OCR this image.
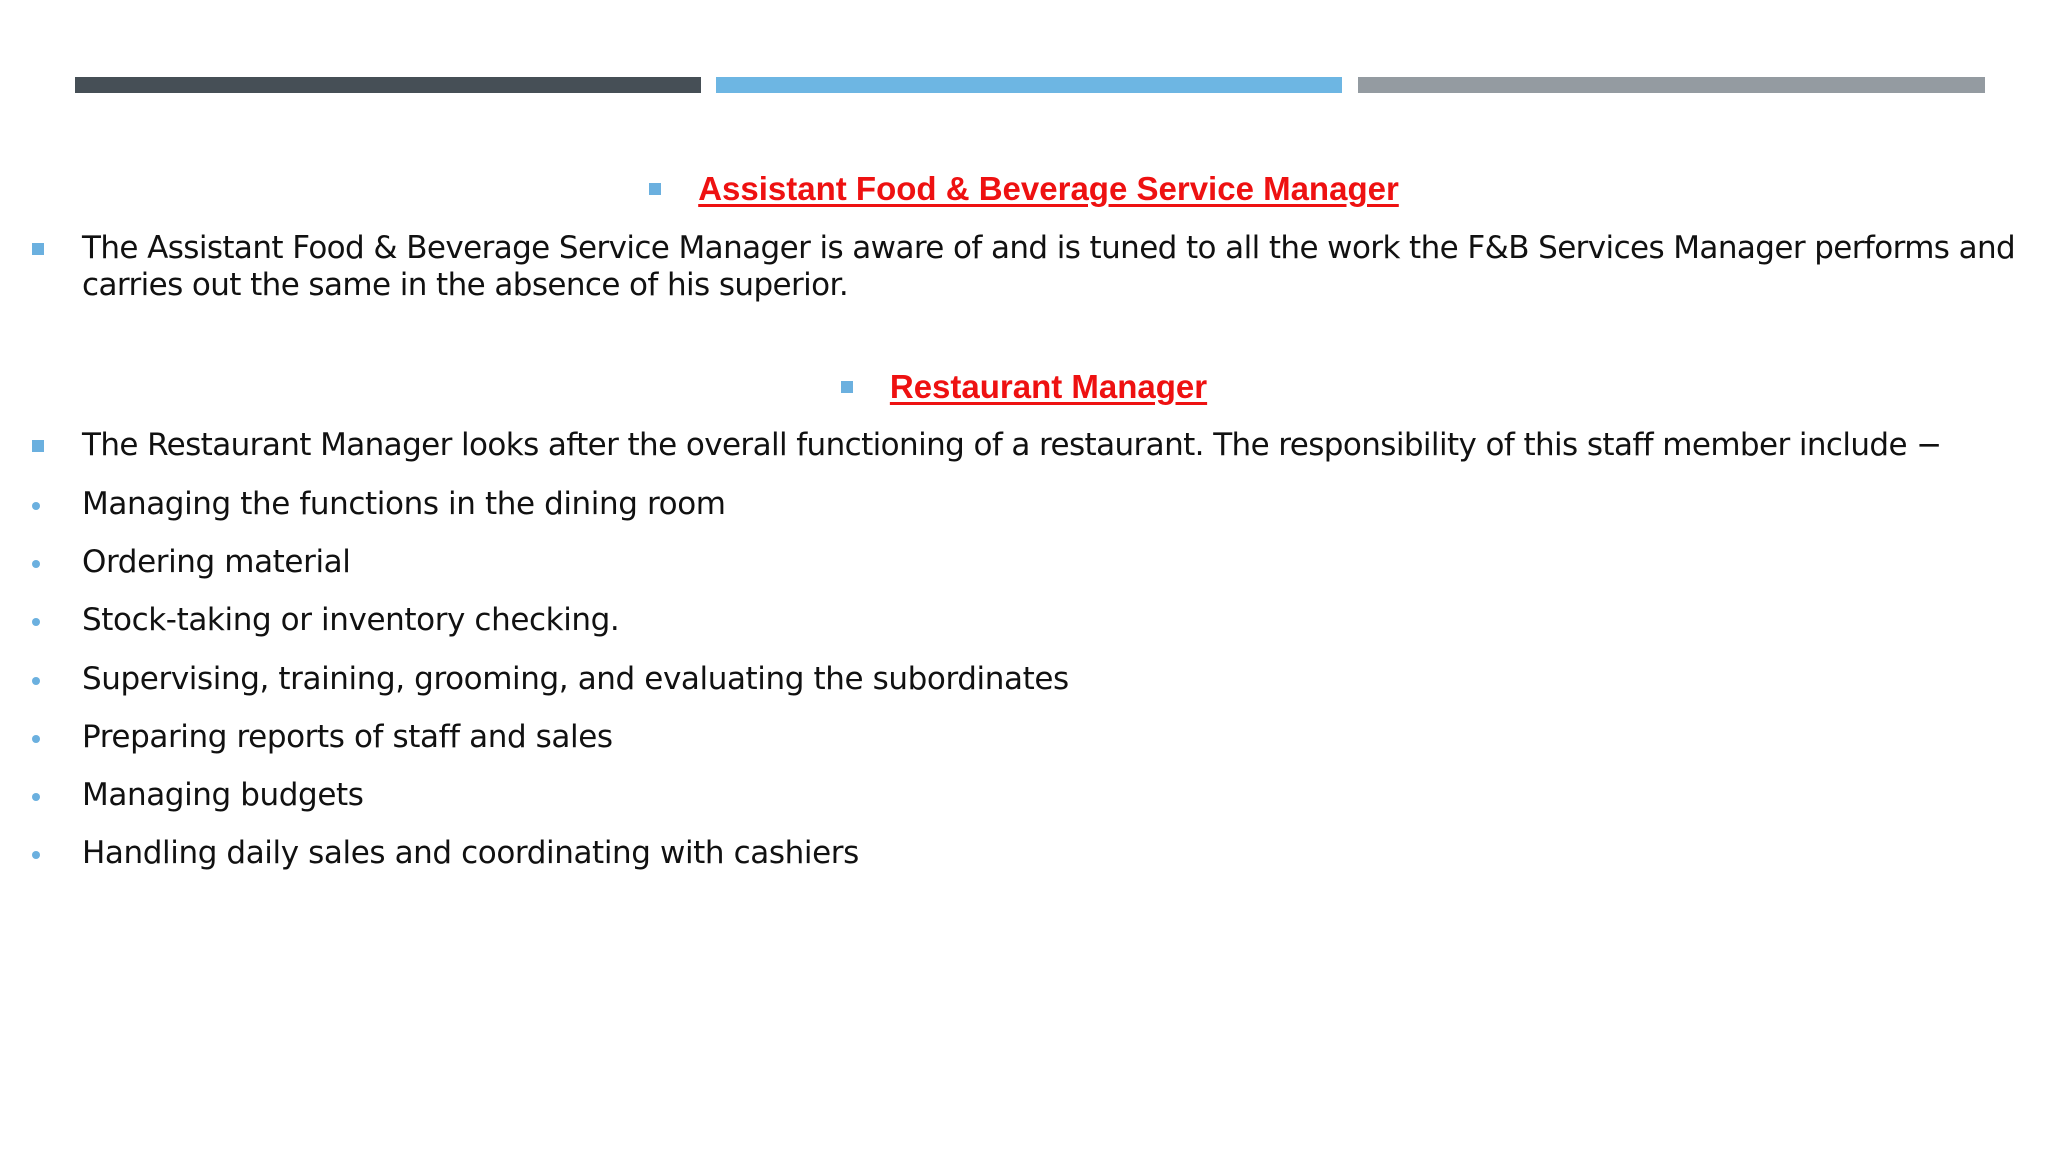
Assistant Food & Beverage Service Manager
The Assistant Food & Beverage Service Manager is aware of and is tuned to all the work the F&B Services Manager performs and carries out the same in the absence of his superior.
Restaurant Manager
The Restaurant Manager looks after the overall functioning of a restaurant. The responsibility of this staff member include −
Managing the functions in the dining room
Ordering material
Stock-taking or inventory checking.
Supervising, training, grooming, and evaluating the subordinates
Preparing reports of staff and sales
Managing budgets
Handling daily sales and coordinating with cashiers
